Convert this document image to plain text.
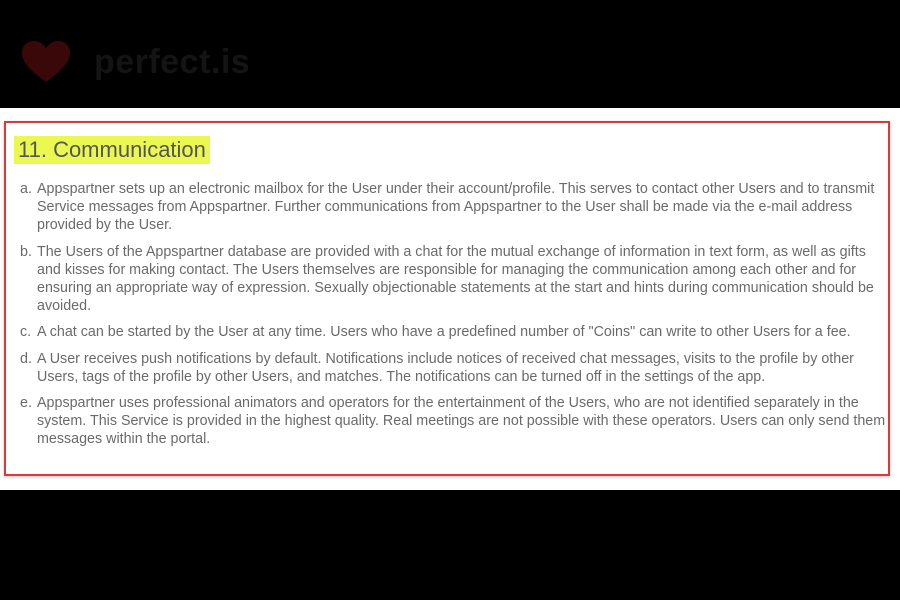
perfect.is
11. Communication
a. Appspartner sets up an electronic mailbox for the User under their account/profile. This serves to contact other Users and to transmit Service messages from Appspartner. Further communications from Appspartner to the User shall be made via the e-mail address provided by the User.
b. The Users of the Appspartner database are provided with a chat for the mutual exchange of information in text form, as well as gifts and kisses for making contact. The Users themselves are responsible for managing the communication among each other and for ensuring an appropriate way of expression. Sexually objectionable statements at the start and hints during communication should be avoided.
c. A chat can be started by the User at any time. Users who have a predefined number of "Coins" can write to other Users for a fee.
d. A User receives push notifications by default. Notifications include notices of received chat messages, visits to the profile by other Users, tags of the profile by other Users, and matches. The notifications can be turned off in the settings of the app.
e. Appspartner uses professional animators and operators for the entertainment of the Users, who are not identified separately in the system. This Service is provided in the highest quality. Real meetings are not possible with these operators. Users can only send them messages within the portal.
